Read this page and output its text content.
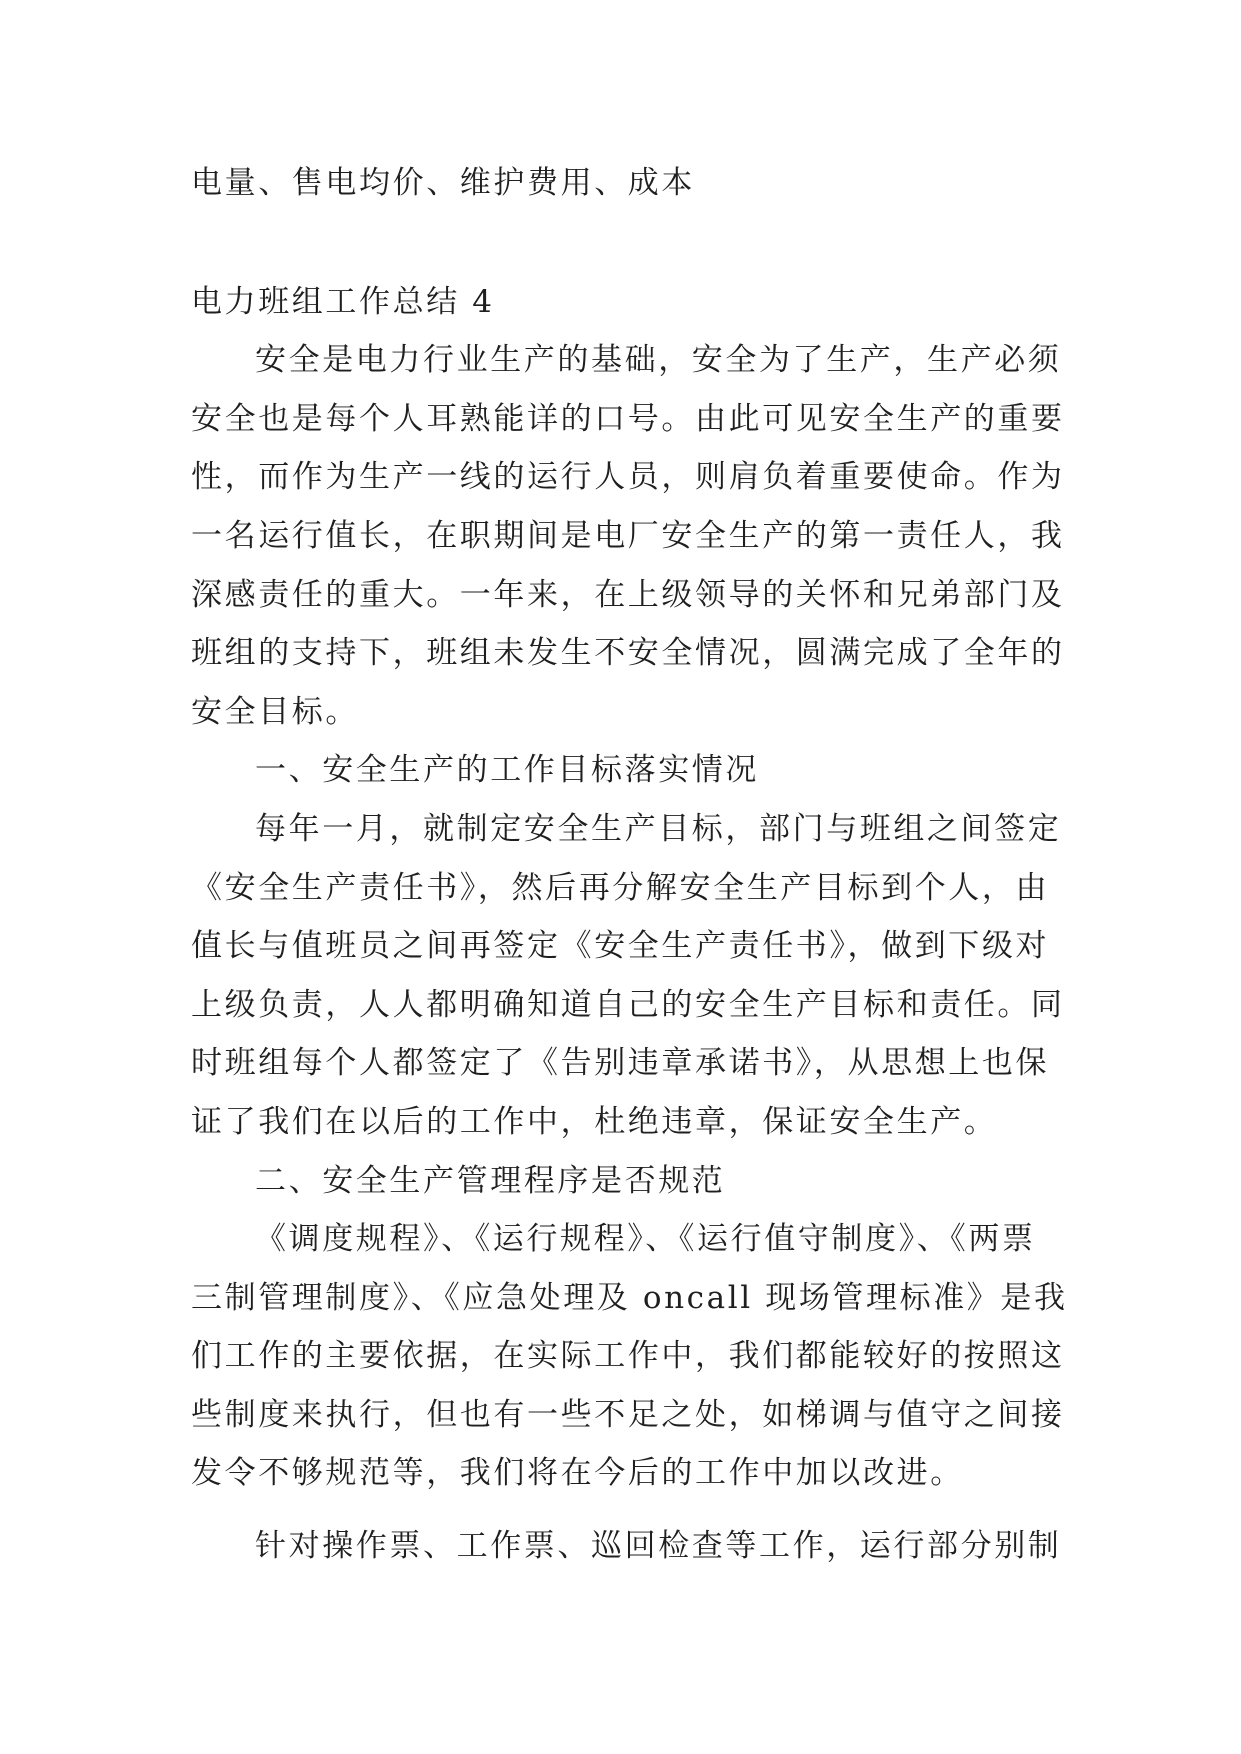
电量、售电均价、维护费用、成本

电力班组工作总结 4

安全是电力行业生产的基础，安全为了生产，生产必须
安全也是每个人耳熟能详的口号。由此可见安全生产的重要
性，而作为生产一线的运行人员，则肩负着重要使命。作为
一名运行值长，在职期间是电厂安全生产的第一责任人，我
深感责任的重大。一年来，在上级领导的关怀和兄弟部门及
班组的支持下，班组未发生不安全情况，圆满完成了全年的
安全目标。

一、安全生产的工作目标落实情况

每年一月，就制定安全生产目标，部门与班组之间签定
《安全生产责任书》，然后再分解安全生产目标到个人，由
值长与值班员之间再签定《安全生产责任书》，做到下级对
上级负责，人人都明确知道自己的安全生产目标和责任。同
时班组每个人都签定了《告别违章承诺书》，从思想上也保
证了我们在以后的工作中，杜绝违章，保证安全生产。

二、安全生产管理程序是否规范

《调度规程》、《运行规程》、《运行值守制度》、《两票
三制管理制度》、《应急处理及 oncall 现场管理标准》是我
们工作的主要依据，在实际工作中，我们都能较好的按照这
些制度来执行，但也有一些不足之处，如梯调与值守之间接
发令不够规范等，我们将在今后的工作中加以改进。

针对操作票、工作票、巡回检查等工作，运行部分别制
